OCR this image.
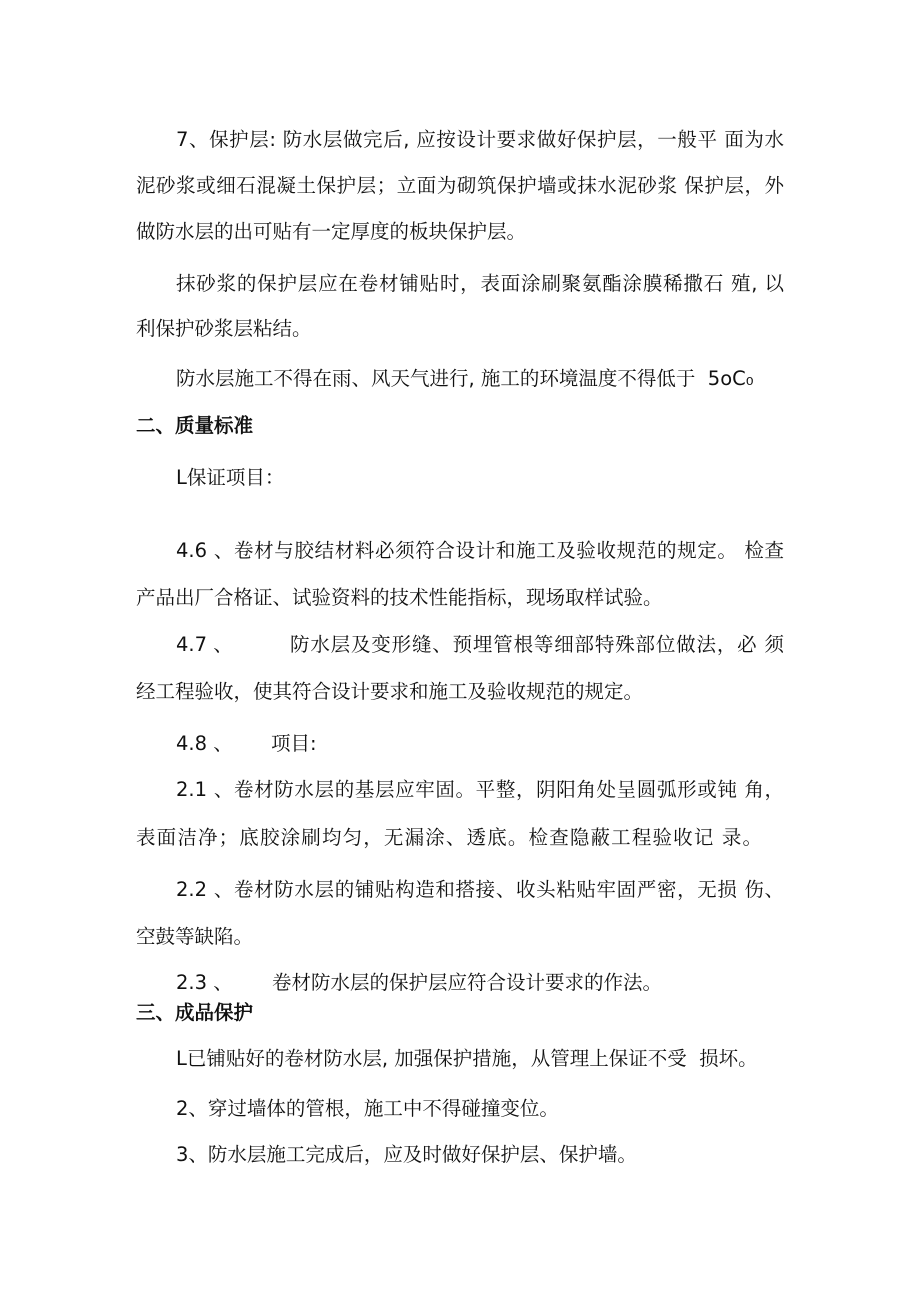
7、保护层: 防水层做完后, 应按设计要求做好保护层，一般平 面为水
泥砂浆或细石混凝土保护层；立面为砌筑保护墙或抹水泥砂浆 保护层，外
做防水层的出可贴有一定厚度的板块保护层。
抹砂浆的保护层应在卷材铺贴时，表面涂刷聚氨酯涂膜稀撒石 殖, 以
利保护砂浆层粘结。
防水层施工不得在雨、风天气进行, 施工的环境温度不得低于  5oC₀
二、质量标准
L保证项目：
4.6 、卷材与胶结材料必须符合设计和施工及验收规范的规定。 检查
产品出厂合格证、试验资料的技术性能指标，现场取样试验。
4.7 、	防水层及变形缝、预埋管根等细部特殊部位做法，必 须
经工程验收，使其符合设计要求和施工及验收规范的规定。
4.8 、 项目:
2.1 、卷材防水层的基层应牢固。平整，阴阳角处呈圆弧形或钝 角，
表面洁净；底胶涂刷均匀，无漏涂、透底。检查隐蔽工程验收记 录。
2.2 、卷材防水层的铺贴构造和搭接、收头粘贴牢固严密，无损 伤、
空鼓等缺陷。
2.3 、 卷材防水层的保护层应符合设计要求的作法。
三、成品保护
L已铺贴好的卷材防水层, 加强保护措施，从管理上保证不受  损坏。
2、穿过墙体的管根，施工中不得碰撞变位。
3、防水层施工完成后，应及时做好保护层、保护墙。
